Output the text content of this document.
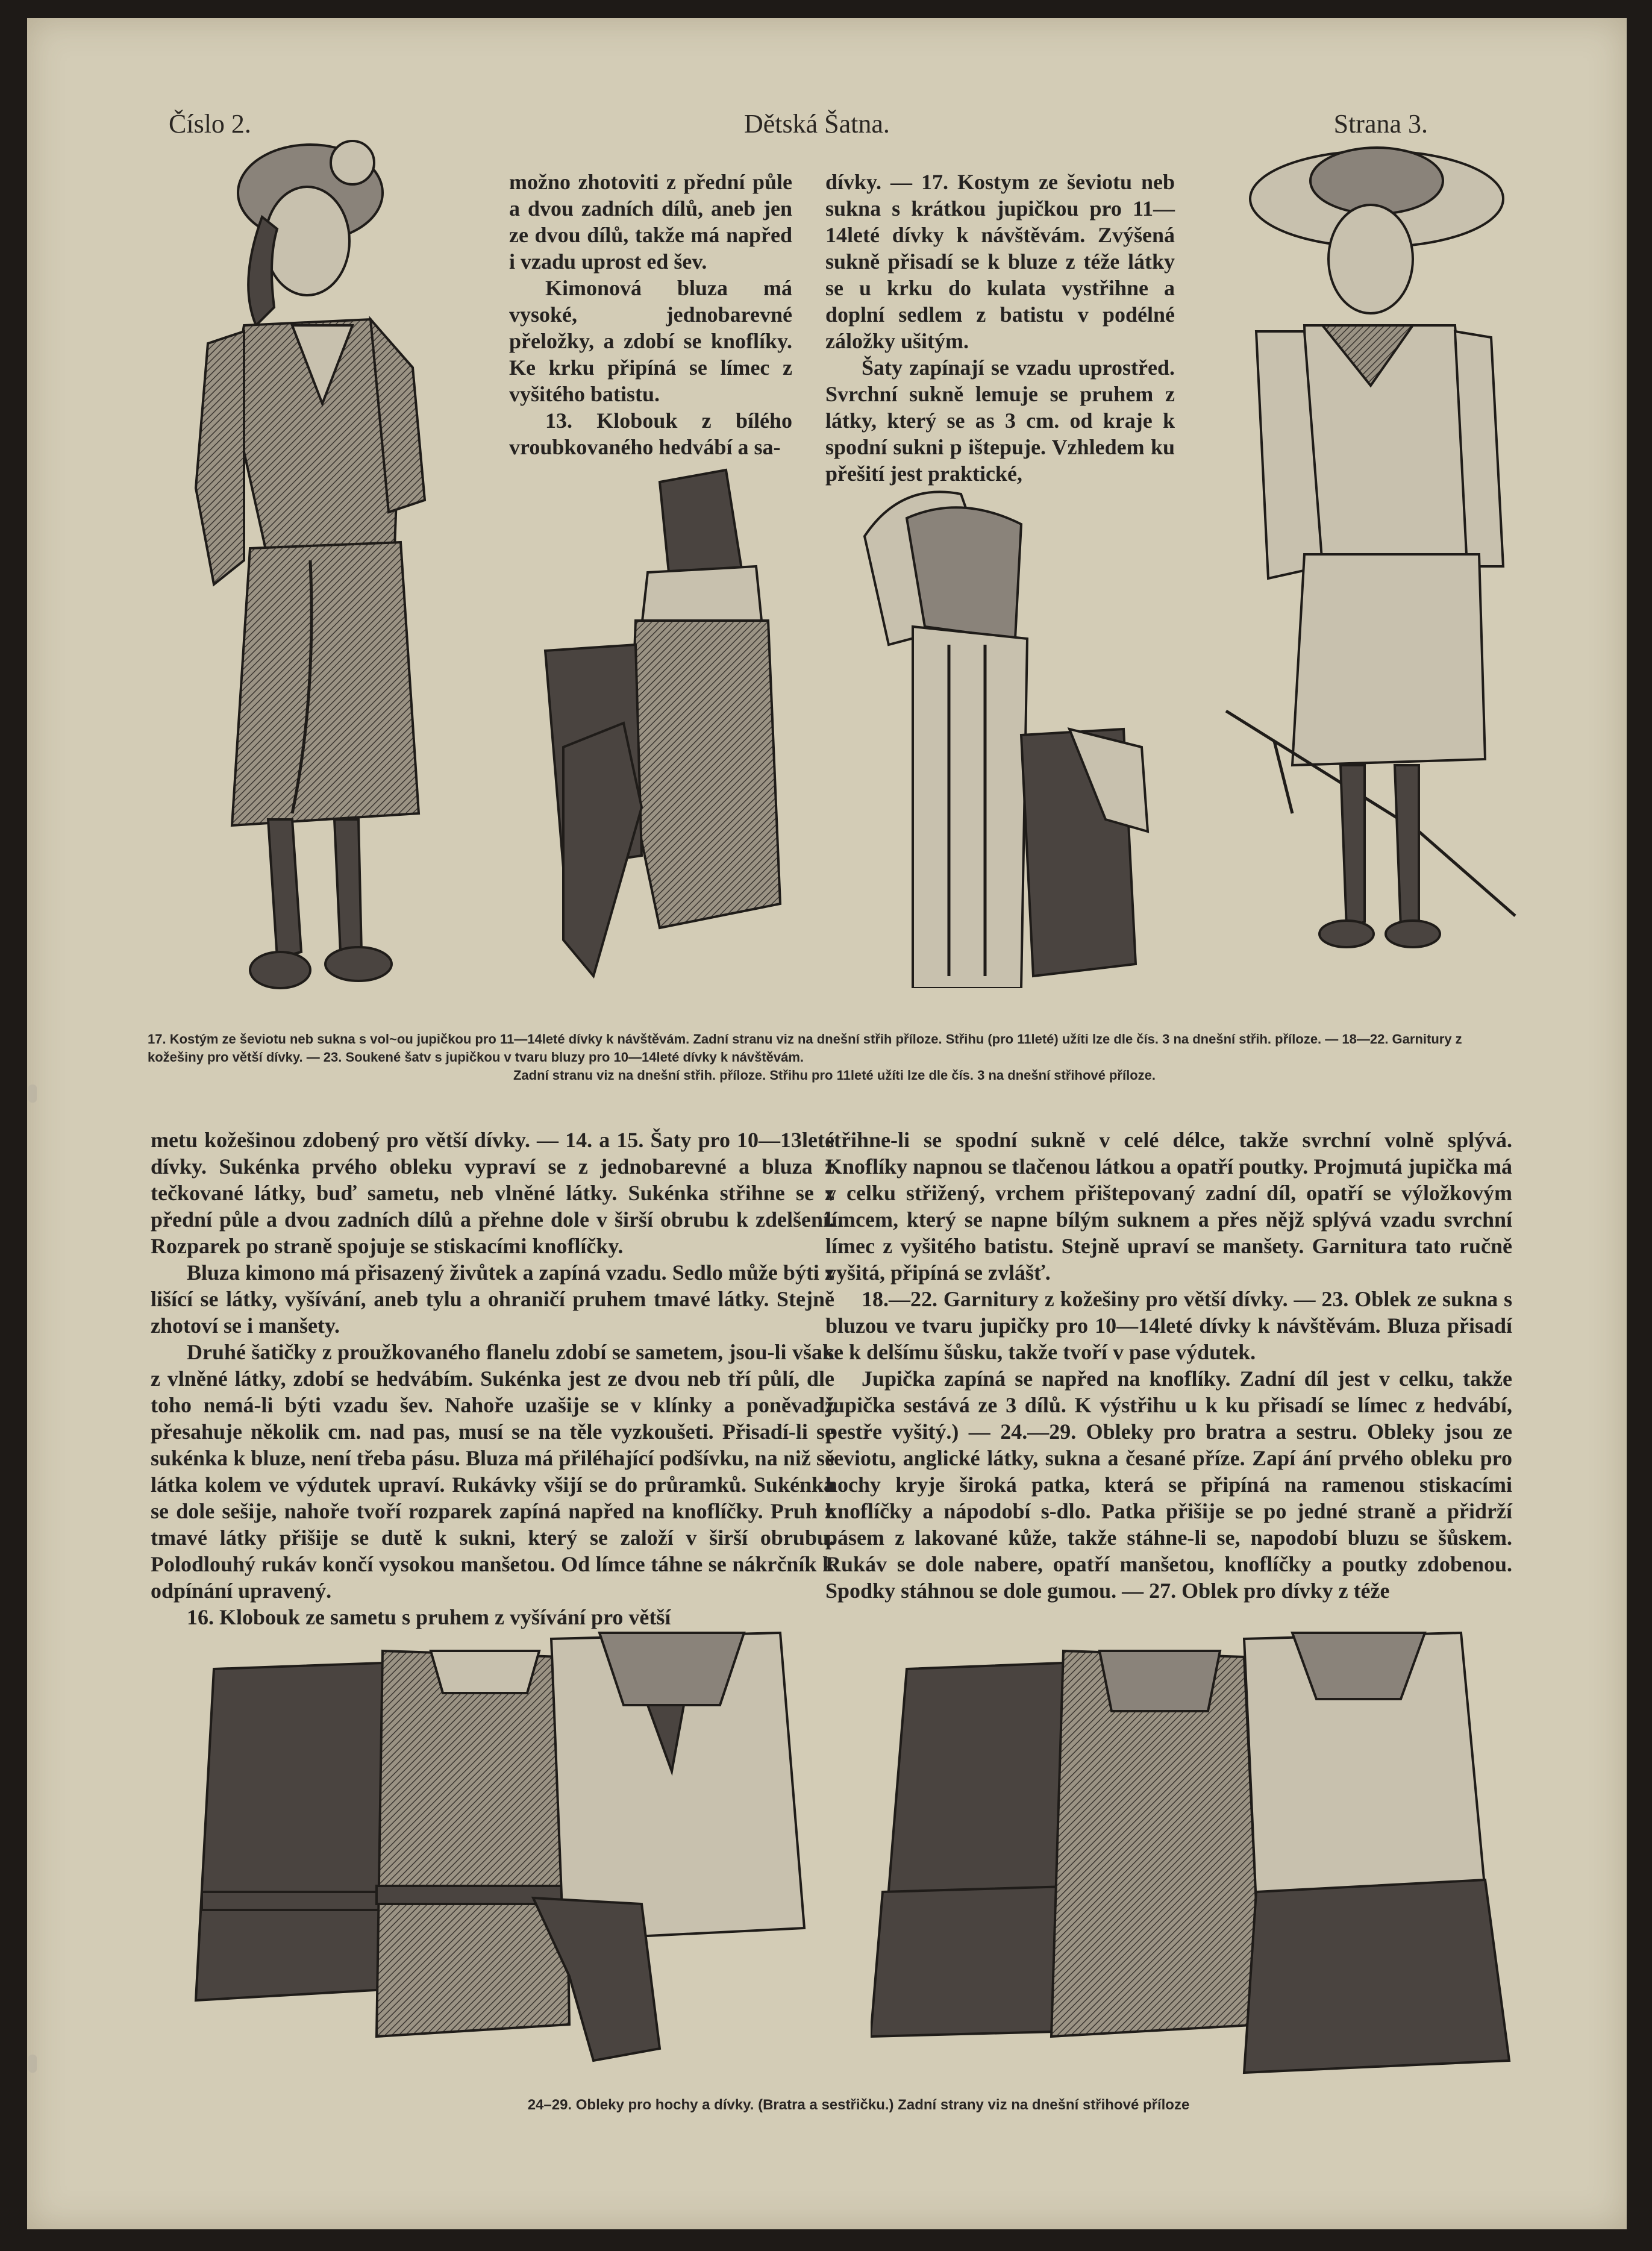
Číslo 2.	Dětská Šatna.	Strana 3.

možno zhotoviti z přední půle a dvou zadních dílů, aneb jen ze dvou dílů, takže má napřed i vzadu uprost ed šev.

Kimonová bluza má vysoké, jednobarevné přeložky, a zdobí se knoflíky. Ke krku připíná se límec z vyšitého batistu.

13. Klobouk z bílého vroubkovaného hedvábí a sa-

dívky. — 17. Kostym ze ševiotu neb sukna s krátkou jupičkou pro 11—14leté dívky k návštěvám. Zvýšená sukně přisadí se k bluze z téže látky se u krku do kulata vystřihne a doplní sedlem z batistu v podélné záložky ušitým.

Šaty zapínají se vzadu uprostřed. Svrchní sukně lemuje se pruhem z látky, který se as 3 cm. od kraje k spodní sukni p ištepuje. Vzhledem ku přešití jest praktické,

17. Kostým ze ševiotu neb sukna s vol~ou jupičkou pro 11—14leté dívky k návštěvám. Zadní stranu viz na dnešní střih příloze. Střihu (pro 11leté) užíti lze dle čís. 3 na dnešní střih. příloze. — 18—22. Garnitury z kožešiny pro větší dívky. — 23. Soukené šatv s jupičkou v tvaru bluzy pro 10—14leté dívky k návštěvám.
Zadní stranu viz na dnešní střih. příloze. Střihu pro 11leté užíti lze dle čís. 3 na dnešní střihové příloze.

metu kožešinou zdobený pro větší dívky. — 14. a 15. Šaty pro 10—13leté dívky. Sukénka prvého obleku vypraví se z jednobarevné a bluza z tečkované látky, buď sametu, neb vlněné látky. Sukénka střihne se z přední půle a dvou zadních dílů a přehne dole v širší obrubu k zdelšení. Rozparek po straně spojuje se stiskacími knoflíčky.

Bluza kimono má přisazený živůtek a zapíná vzadu. Sedlo může býti z lišící se látky, vyšívání, aneb tylu a ohraničí pruhem tmavé látky. Stejně zhotoví se i manšety.

Druhé šatičky z proužkovaného flanelu zdobí se sametem, jsou-li však z vlněné látky, zdobí se hedvábím. Sukénka jest ze dvou neb tří půlí, dle toho nemá-li býti vzadu šev. Nahoře uzašije se v klínky a poněvadž přesahuje několik cm. nad pas, musí se na těle vyzkoušeti. Přisadí-li se sukénka k bluze, není třeba pásu. Bluza má přiléhající podšívku, na niž se látka kolem ve výdutek upraví. Rukávky všijí se do průramků. Sukénka se dole sešije, nahoře tvoří rozparek zapíná napřed na knoflíčky. Pruh z tmavé látky přišije se dutě k sukni, který se založí v širší obrubu. Polodlouhý rukáv končí vysokou manšetou. Od límce táhne se nákrčník k odpínání upravený.

16. Klobouk ze sametu s pruhem z vyšívání pro větší

střihne-li se spodní sukně v celé délce, takže svrchní volně splývá. Knoflíky napnou se tlačenou látkou a opatří poutky. Projmutá jupička má v celku střižený, vrchem přištepovaný zadní díl, opatří se výložkovým límcem, který se napne bílým suknem a přes nějž splývá vzadu svrchní límec z vyšitého batistu. Stejně upraví se manšety. Garnitura tato ručně vyšitá, připíná se zvlášť.

18.—22. Garnitury z kožešiny pro větší dívky. — 23. Oblek ze sukna s bluzou ve tvaru jupičky pro 10—14leté dívky k návštěvám. Bluza přisadí se k delšímu šůsku, takže tvoří v pase výdutek.

Jupička zapíná se napřed na knoflíky. Zadní díl jest v celku, takže jupička sestává ze 3 dílů. K výstřihu u k ku přisadí se límec z hedvábí, pestře vyšitý.) — 24.—29. Obleky pro bratra a sestru. Obleky jsou ze ševiotu, anglické látky, sukna a česané příze. Zapí ání prvého obleku pro hochy kryje široká patka, která se připíná na ramenou stiskacími knoflíčky a nápodobí s-dlo. Patka přišije se po jedné straně a přidrží pásem z lakované kůže, takže stáhne-li se, napodobí bluzu se šůskem. Rukáv se dole nabere, opatří manšetou, knoflíčky a poutky zdobenou. Spodky stáhnou se dole gumou. — 27. Oblek pro dívky z téže

24–29. Obleky pro hochy a dívky. (Bratra a sestřičku.) Zadní strany viz na dnešní střihové příloze
